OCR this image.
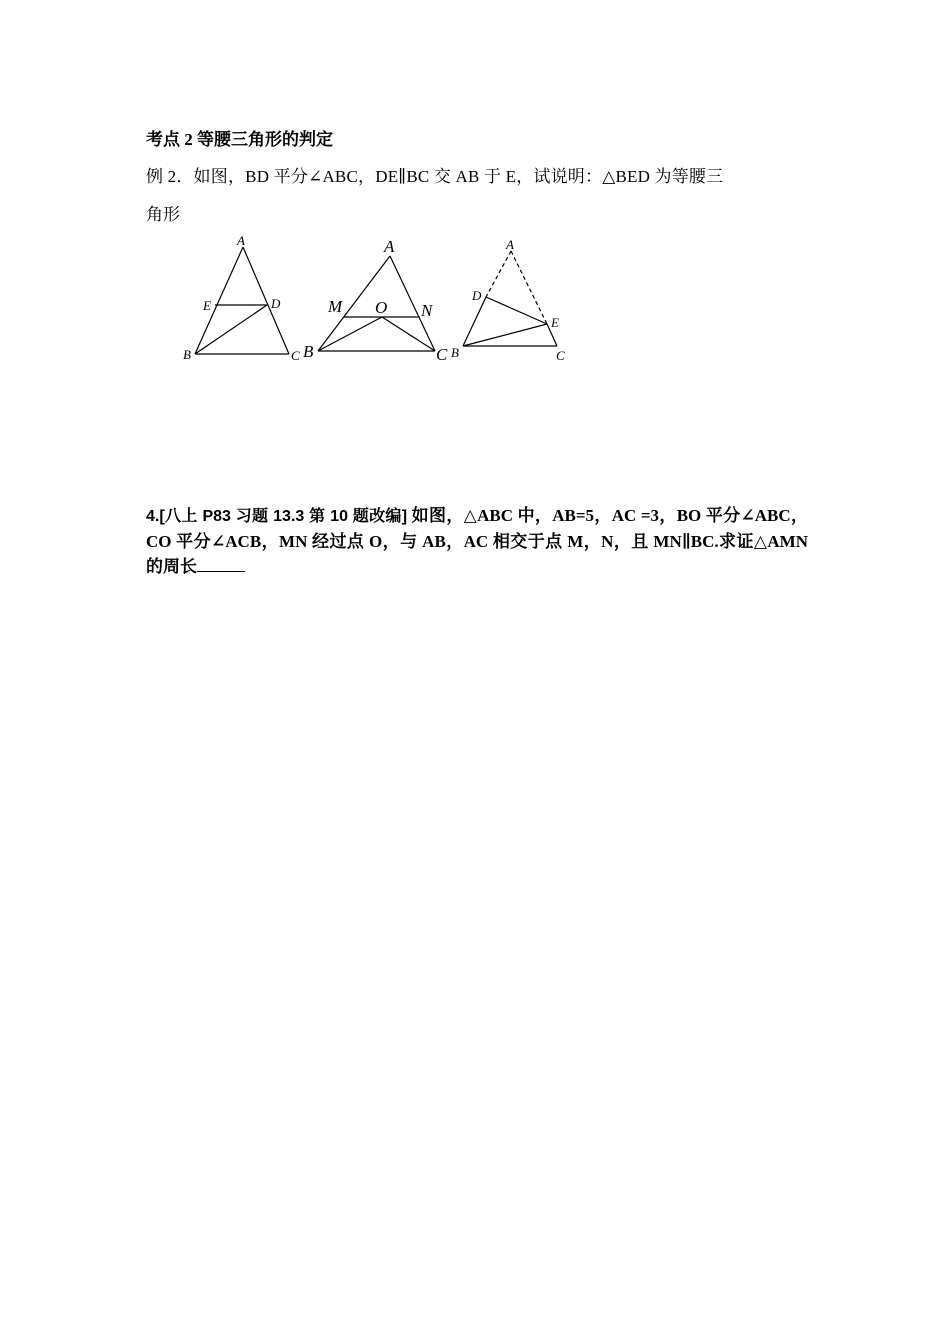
考点 2 等腰三角形的判定
例 2．如图，BD 平分∠ABC，DE∥BC 交 AB 于 E，试说明：△BED 为等腰三
角形
A
E	D
B	C
A
M O N
B	C
A
D
E
B	C
4.[八上 P83 习题 13.3 第 10 题改编] 如图，△ABC 中，AB=5，AC =3，BO 平分∠ABC，CO 平分∠ACB，MN 经过点 O，与 AB，AC 相交于点 M，N，且 MN∥BC.求证△AMN 的周长
